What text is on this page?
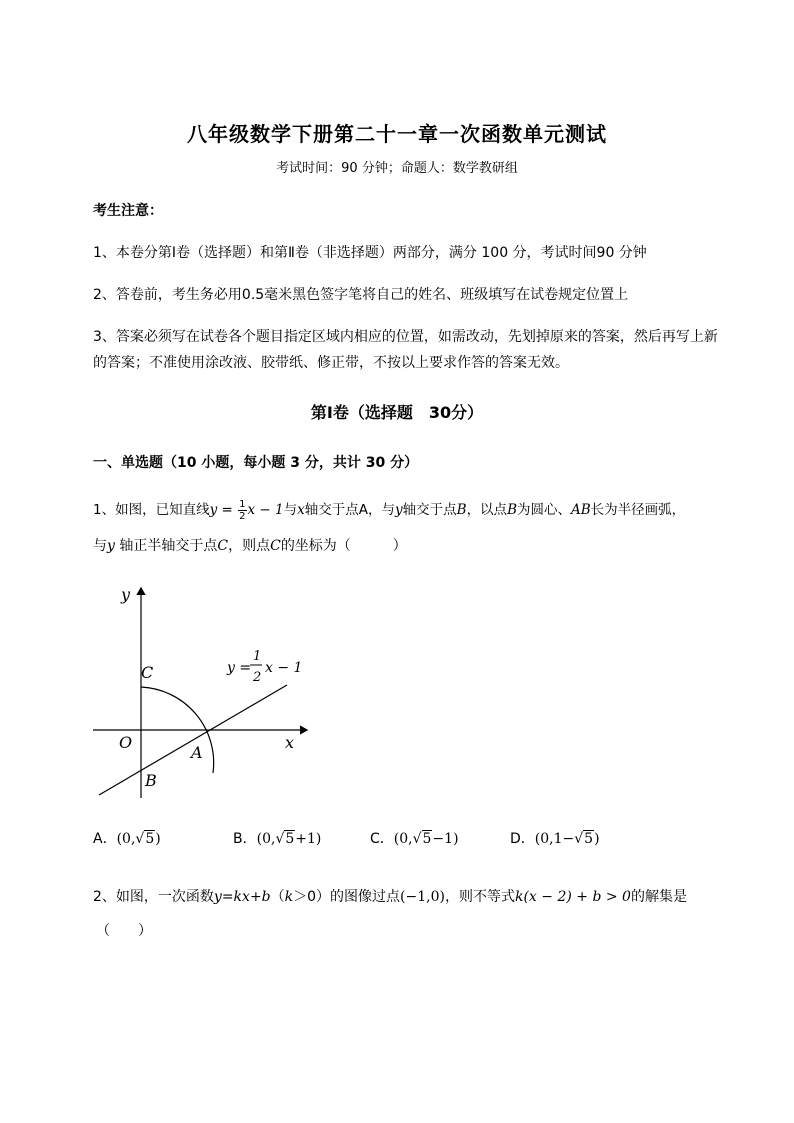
八年级数学下册第二十一章一次函数单元测试
考试时间：90 分钟；命题人：数学教研组
考生注意：
1、本卷分第Ⅰ卷（选择题）和第Ⅱ卷（非选择题）两部分，满分 100 分，考试时间90 分钟
2、答卷前，考生务必用0.5毫米黑色签字笔将自己的姓名、班级填写在试卷规定位置上
3、答案必须写在试卷各个题目指定区域内相应的位置，如需改动，先划掉原来的答案，然后再写上新
的答案；不准使用涂改液、胶带纸、修正带，不按以上要求作答的答案无效。
第Ⅰ卷（选择题　30分）
一、单选题（10 小题，每小题 3 分，共计 30 分）
1、如图，已知直线$y = \frac{1}{2}$ x − 1与x轴交于点A，与y轴交于点B，以点B为圆心、AB长为半径画弧，
与y 轴正半轴交于点C，则点C的坐标为（　　　）
y
x
O
A
B
C	y =
1
2
x − 1
A．(0,√5)	B．(0,√5+1)	C．(0,√5−1)	D．(0,1−√5)
2、如图，一次函数y=kx+b（k＞0）的图像过点(−1,0)，则不等式k(x − 2) + b > 0的解集是
（　　）
